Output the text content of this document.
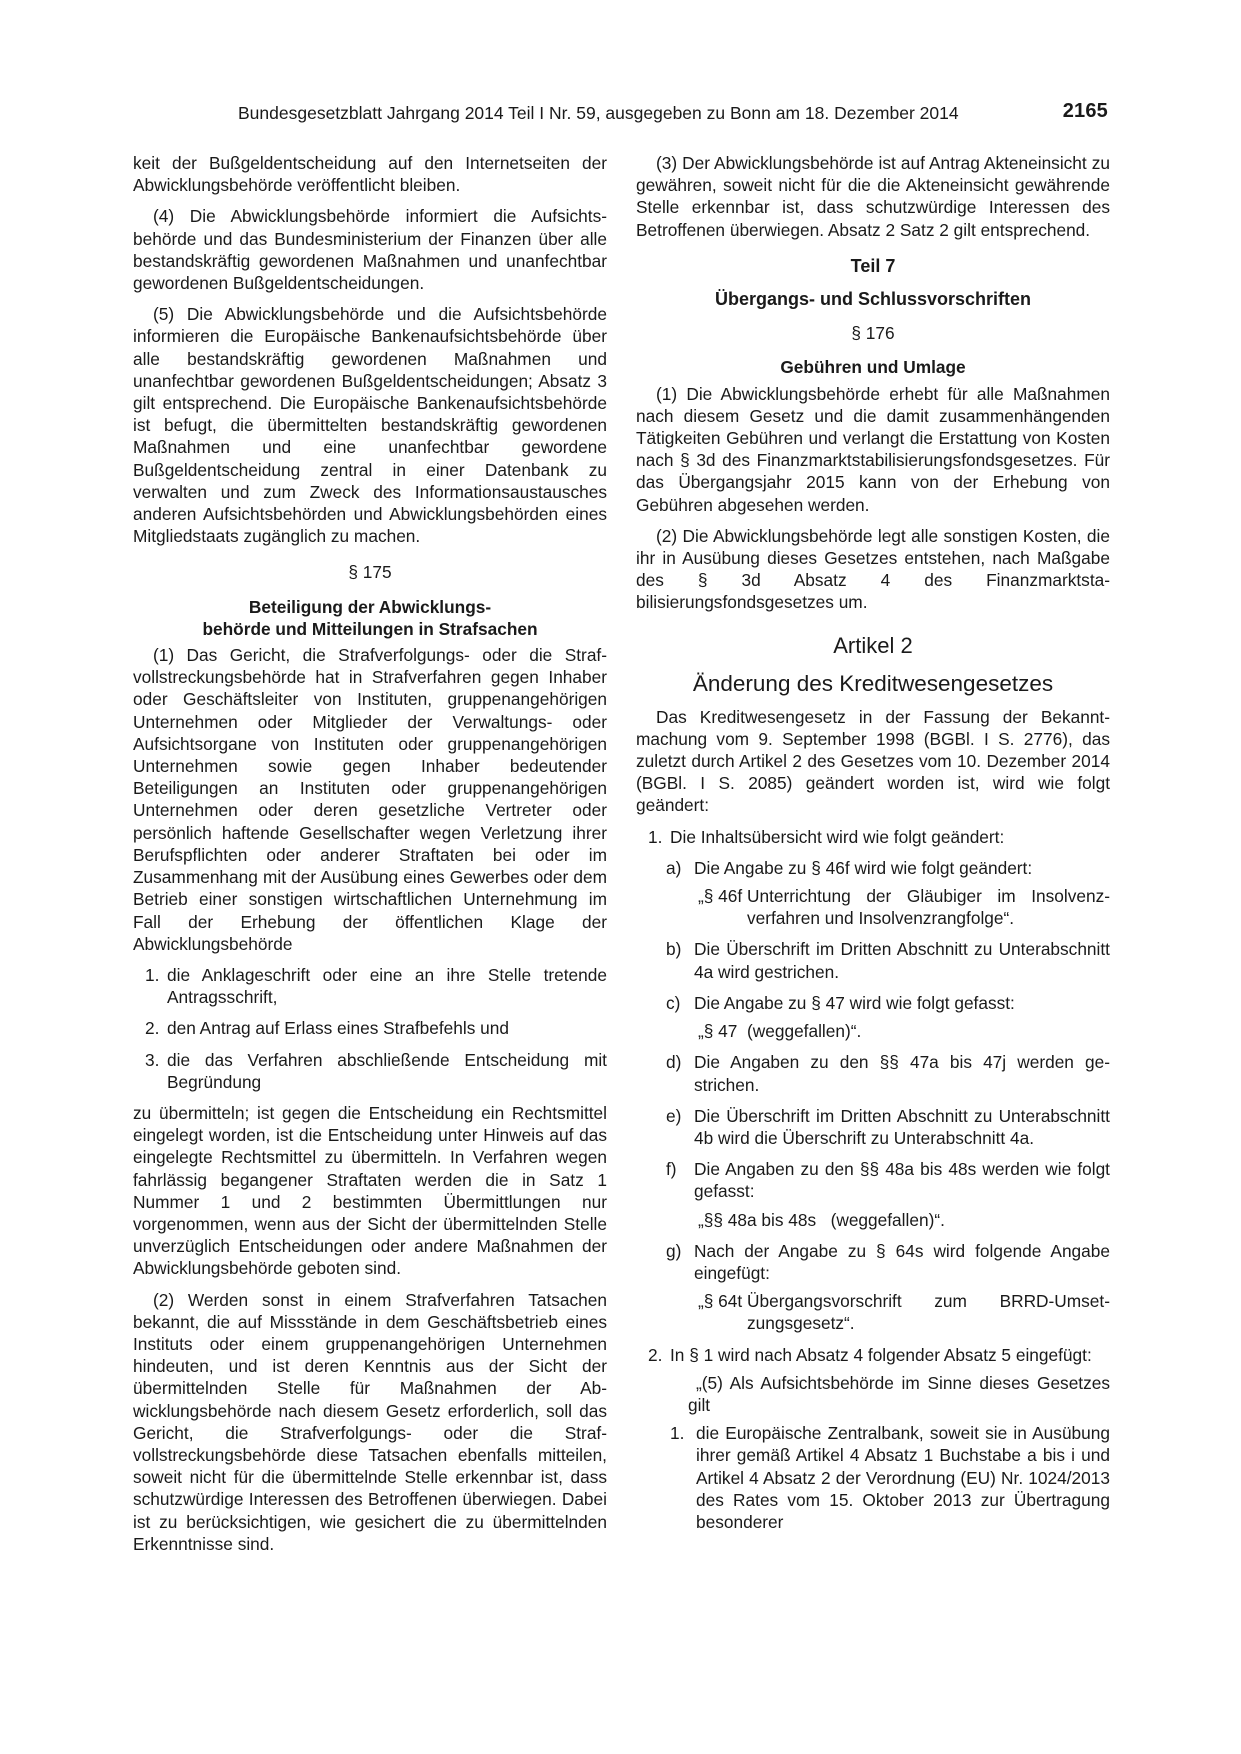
Bundesgesetzblatt Jahrgang 2014 Teil I Nr. 59, ausgegeben zu Bonn am 18. Dezember 2014	2165

keit der Bußgeldentscheidung auf den Internetseiten der Abwicklungsbehörde veröffentlicht bleiben.

(4) Die Abwicklungsbehörde informiert die Aufsichtsbehörde und das Bundesministerium der Finanzen über alle bestandskräftig gewordenen Maßnahmen und unanfechtbar gewordenen Bußgeldentscheidungen.

(5) Die Abwicklungsbehörde und die Aufsichtsbehörde informieren die Europäische Bankenaufsichtsbehörde über alle bestandskräftig gewordenen Maßnahmen und unanfechtbar gewordenen Bußgeldentscheidungen; Absatz 3 gilt entsprechend. Die Europäische Bankenaufsichtsbehörde ist befugt, die übermittelten bestandskräftig gewordenen Maßnahmen und eine unanfechtbar gewordene Bußgeldentscheidung zentral in einer Datenbank zu verwalten und zum Zweck des Informationsaustausches anderen Aufsichtsbehörden und Abwicklungsbehörden eines Mitgliedstaats zugänglich zu machen.

§ 175

Beteiligung der Abwicklungs-

behörde und Mitteilungen in Strafsachen

(1) Das Gericht, die Strafverfolgungs- oder die Strafvollstreckungsbehörde hat in Strafverfahren gegen Inhaber oder Geschäftsleiter von Instituten, gruppenangehörigen Unternehmen oder Mitglieder der Verwaltungs- oder Aufsichtsorgane von Instituten oder gruppenangehörigen Unternehmen sowie gegen Inhaber bedeutender Beteiligungen an Instituten oder gruppenangehörigen Unternehmen oder deren gesetzliche Vertreter oder persönlich haftende Gesellschafter wegen Verletzung ihrer Berufspflichten oder anderer Straftaten bei oder im Zusammenhang mit der Ausübung eines Gewerbes oder dem Betrieb einer sonstigen wirtschaftlichen Unternehmung im Fall der Erhebung der öffentlichen Klage der Abwicklungsbehörde

1. die Anklageschrift oder eine an ihre Stelle tretende Antragsschrift,
2. den Antrag auf Erlass eines Strafbefehls und
3. die das Verfahren abschließende Entscheidung mit Begründung

zu übermitteln; ist gegen die Entscheidung ein Rechtsmittel eingelegt worden, ist die Entscheidung unter Hinweis auf das eingelegte Rechtsmittel zu übermitteln. In Verfahren wegen fahrlässig begangener Straftaten werden die in Satz 1 Nummer 1 und 2 bestimmten Übermittlungen nur vorgenommen, wenn aus der Sicht der übermittelnden Stelle unverzüglich Entscheidungen oder andere Maßnahmen der Abwicklungsbehörde geboten sind.

(2) Werden sonst in einem Strafverfahren Tatsachen bekannt, die auf Missstände in dem Geschäftsbetrieb eines Instituts oder einem gruppenangehörigen Unternehmen hindeuten, und ist deren Kenntnis aus der Sicht der übermittelnden Stelle für Maßnahmen der Abwicklungsbehörde nach diesem Gesetz erforderlich, soll das Gericht, die Strafverfolgungs- oder die Strafvollstreckungsbehörde diese Tatsachen ebenfalls mitteilen, soweit nicht für die übermittelnde Stelle erkennbar ist, dass schutzwürdige Interessen des Betroffenen überwiegen. Dabei ist zu berücksichtigen, wie gesichert die zu übermittelnden Erkenntnisse sind.

(3) Der Abwicklungsbehörde ist auf Antrag Akteneinsicht zu gewähren, soweit nicht für die die Akteneinsicht gewährende Stelle erkennbar ist, dass schutzwürdige Interessen des Betroffenen überwiegen. Absatz 2 Satz 2 gilt entsprechend.

Teil 7

Übergangs- und Schlussvorschriften

§ 176

Gebühren und Umlage

(1) Die Abwicklungsbehörde erhebt für alle Maßnahmen nach diesem Gesetz und die damit zusammenhängenden Tätigkeiten Gebühren und verlangt die Erstattung von Kosten nach § 3d des Finanzmarktstabilisierungsfondsgesetzes. Für das Übergangsjahr 2015 kann von der Erhebung von Gebühren abgesehen werden.

(2) Die Abwicklungsbehörde legt alle sonstigen Kosten, die ihr in Ausübung dieses Gesetzes entstehen, nach Maßgabe des § 3d Absatz 4 des Finanzmarktstabilisierungsfondsgesetzes um.

Artikel 2

Änderung des Kreditwesengesetzes

Das Kreditwesengesetz in der Fassung der Bekanntmachung vom 9. September 1998 (BGBl. I S. 2776), das zuletzt durch Artikel 2 des Gesetzes vom 10. Dezember 2014 (BGBl. I S. 2085) geändert worden ist, wird wie folgt geändert:

1. Die Inhaltsübersicht wird wie folgt geändert:
a) Die Angabe zu § 46f wird wie folgt geändert:
„§ 46f Unterrichtung der Gläubiger im Insolvenzverfahren und Insolvenzrangfolge“.
b) Die Überschrift im Dritten Abschnitt zu Unterabschnitt 4a wird gestrichen.
c) Die Angabe zu § 47 wird wie folgt gefasst:
„§ 47 (weggefallen)“.
d) Die Angaben zu den §§ 47a bis 47j werden gestrichen.
e) Die Überschrift im Dritten Abschnitt zu Unterabschnitt 4b wird die Überschrift zu Unterabschnitt 4a.
f)	Die Angaben zu den §§ 48a bis 48s werden wie folgt gefasst:
„§§ 48a bis 48s (weggefallen)“.
g) Nach der Angabe zu § 64s wird folgende Angabe eingefügt:
„§ 64t Übergangsvorschrift zum BRRD-Umsetzungsgesetz“.
2. In § 1 wird nach Absatz 4 folgender Absatz 5 eingefügt:

„(5) Als Aufsichtsbehörde im Sinne dieses Gesetzes gilt

1. die Europäische Zentralbank, soweit sie in Ausübung ihrer gemäß Artikel 4 Absatz 1 Buchstabe a bis i und Artikel 4 Absatz 2 der Verordnung (EU) Nr. 1024/2013 des Rates vom 15. Oktober 2013 zur Übertragung besonderer
